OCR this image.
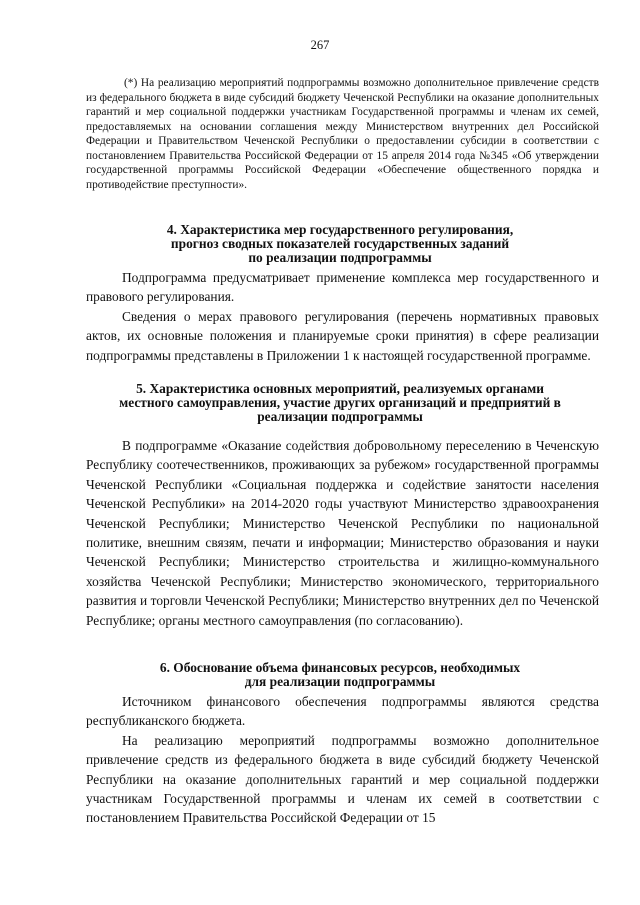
267

(*) На реализацию мероприятий подпрограммы возможно дополнительное привлечение средств из федерального бюджета в виде субсидий бюджету Чеченской Республики на оказание дополнительных гарантий и мер социальной поддержки участникам Государственной программы и членам их семей, предоставляемых на основании соглашения между Министерством внутренних дел Российской Федерации и Правительством Чеченской Республики о предоставлении субсидии в соответствии с постановлением Правительства Российской Федерации от 15 апреля 2014 года №345 «Об утверждении государственной программы Российской Федерации «Обеспечение общественного порядка и противодействие преступности».

4. Характеристика мер государственного регулирования,
прогноз сводных показателей государственных заданий
по реализации подпрограммы

Подпрограмма предусматривает применение комплекса мер государственного и правового регулирования.

Сведения о мерах правового регулирования (перечень нормативных правовых актов, их основные положения и планируемые сроки принятия) в сфере реализации подпрограммы представлены в Приложении 1 к настоящей государственной программе.

5. Характеристика основных мероприятий, реализуемых органами
местного самоуправления, участие других организаций и предприятий в
реализации подпрограммы

В подпрограмме «Оказание содействия добровольному переселению в Чеченскую Республику соотечественников, проживающих за рубежом» государственной программы Чеченской Республики «Социальная поддержка и содействие занятости населения Чеченской Республики» на 2014-2020 годы участвуют Министерство здравоохранения Чеченской Республики; Министерство Чеченской Республики по национальной политике, внешним связям, печати и информации; Министерство образования и науки Чеченской Республики; Министерство строительства и жилищно-коммунального хозяйства Чеченской Республики; Министерство экономического, территориального развития и торговли Чеченской Республики; Министерство внутренних дел по Чеченской Республике; органы местного самоуправления (по согласованию).

6. Обоснование объема финансовых ресурсов, необходимых
для реализации подпрограммы

Источником финансового обеспечения подпрограммы являются средства республиканского бюджета.

На реализацию мероприятий подпрограммы возможно дополнительное привлечение средств из федерального бюджета в виде субсидий бюджету Чеченской Республики на оказание дополнительных гарантий и мер социальной поддержки участникам Государственной программы и членам их семей в соответствии с постановлением Правительства Российской Федерации от 15
